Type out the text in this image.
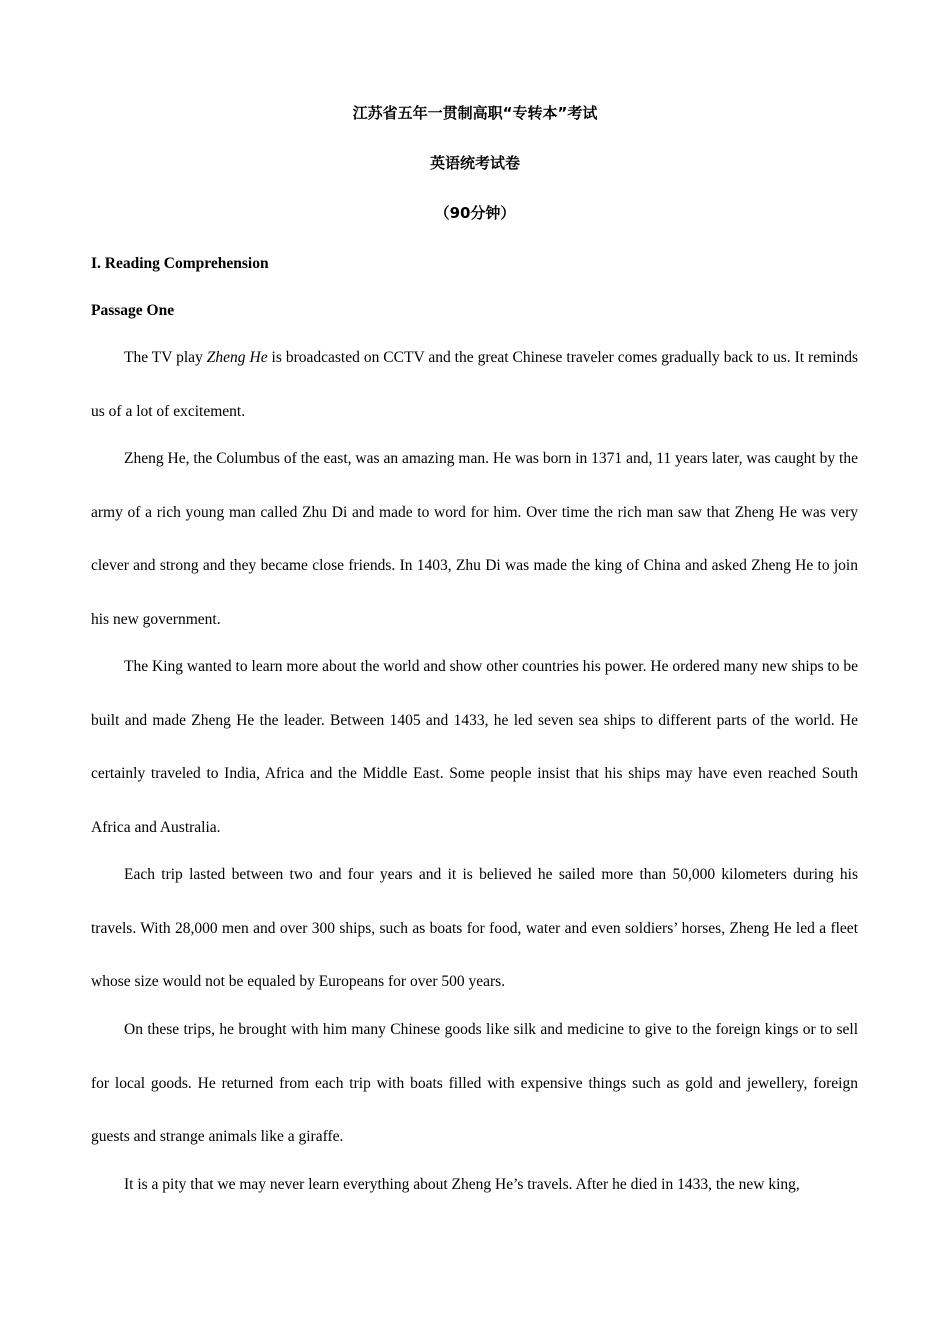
江苏省五年一贯制高职“专转本”考试

英语统考试卷

（90分钟）

I. Reading Comprehension

Passage One

The TV play Zheng He is broadcasted on CCTV and the great Chinese traveler comes gradually back to us. It reminds us of a lot of excitement.

Zheng He, the Columbus of the east, was an amazing man. He was born in 1371 and, 11 years later, was caught by the army of a rich young man called Zhu Di and made to word for him. Over time the rich man saw that Zheng He was very clever and strong and they became close friends. In 1403, Zhu Di was made the king of China and asked Zheng He to join his new government.

The King wanted to learn more about the world and show other countries his power. He ordered many new ships to be built and made Zheng He the leader. Between 1405 and 1433, he led seven sea ships to different parts of the world. He certainly traveled to India, Africa and the Middle East. Some people insist that his ships may have even reached South Africa and Australia.

Each trip lasted between two and four years and it is believed he sailed more than 50,000 kilometers during his travels. With 28,000 men and over 300 ships, such as boats for food, water and even soldiers’ horses, Zheng He led a fleet whose size would not be equaled by Europeans for over 500 years.

On these trips, he brought with him many Chinese goods like silk and medicine to give to the foreign kings or to sell for local goods. He returned from each trip with boats filled with expensive things such as gold and jewellery, foreign guests and strange animals like a giraffe.

It is a pity that we may never learn everything about Zheng He’s travels. After he died in 1433, the new king,
